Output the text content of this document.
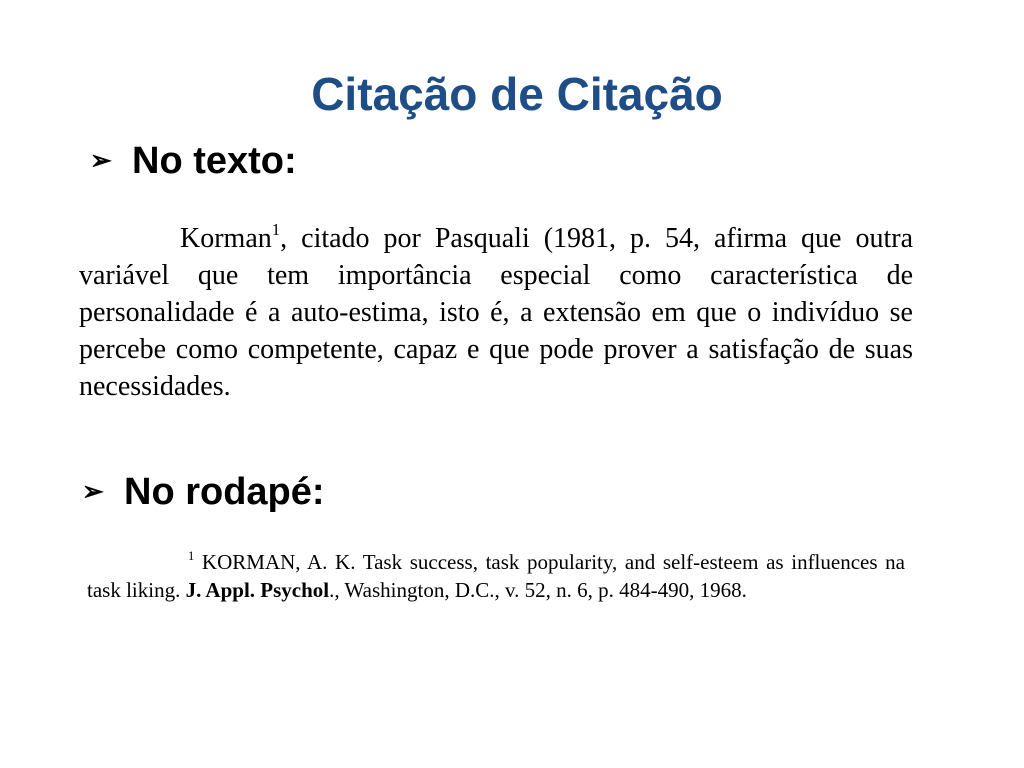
Citação de Citação
➢ No texto:
Korman$^1$, citado por Pasquali (1981, p. 54, afirma que outra variável que tem importância especial como característica de personalidade é a auto-estima, isto é, a extensão em que o indivíduo se percebe como competente, capaz e que pode prover a satisfação de suas necessidades.
➢ No rodapé:
$^1$ KORMAN, A. K. Task success, task popularity, and self-esteem as influences na task liking. J. Appl. Psychol., Washington, D.C., v. 52, n. 6, p. 484-490, 1968.
